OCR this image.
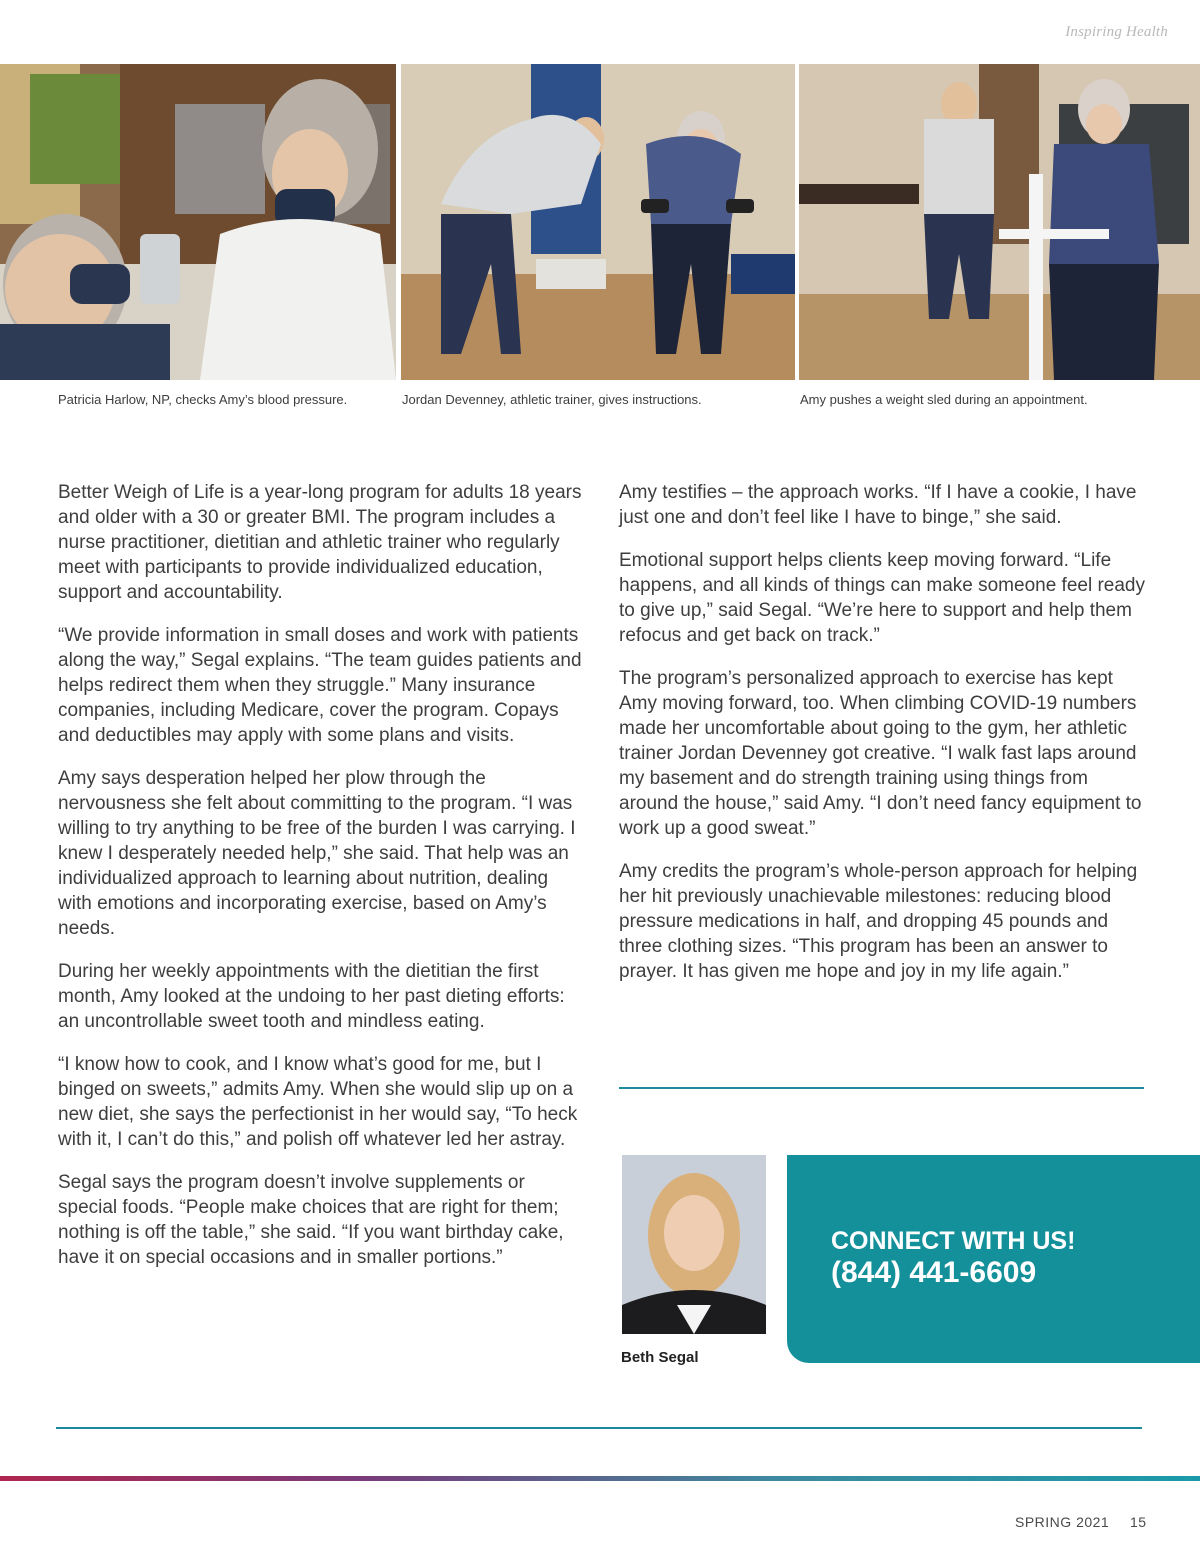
Inspiring Health
Patricia Harlow, NP, checks Amy’s blood pressure.	Jordan Devenney, athletic trainer, gives instructions.	Amy pushes a weight sled during an appointment.

Better Weigh of Life is a year-long program for adults 18 years and older with a 30 or greater BMI. The program includes a nurse practitioner, dietitian and athletic trainer who regularly meet with participants to provide individualized education, support and accountability.

“We provide information in small doses and work with patients along the way,” Segal explains. “The team guides patients and helps redirect them when they struggle.” Many insurance companies, including Medicare, cover the program. Copays and deductibles may apply with some plans and visits.

Amy says desperation helped her plow through the nervousness she felt about committing to the program. “I was willing to try anything to be free of the burden I was carrying. I knew I desperately needed help,” she said. That help was an individualized approach to learning about nutrition, dealing with emotions and incorporating exercise, based on Amy’s needs.

During her weekly appointments with the dietitian the first month, Amy looked at the undoing to her past dieting efforts: an uncontrollable sweet tooth and mindless eating.

“I know how to cook, and I know what’s good for me, but I binged on sweets,” admits Amy. When she would slip up on a new diet, she says the perfectionist in her would say, “To heck with it, I can’t do this,” and polish off whatever led her astray.

Segal says the program doesn’t involve supplements or special foods. “People make choices that are right for them; nothing is off the table,” she said. “If you want birthday cake, have it on special occasions and in smaller portions.”

Amy testifies – the approach works. “If I have a cookie, I have just one and don’t feel like I have to binge,” she said.

Emotional support helps clients keep moving forward. “Life happens, and all kinds of things can make someone feel ready to give up,” said Segal. “We’re here to support and help them refocus and get back on track.”

The program’s personalized approach to exercise has kept Amy moving forward, too. When climbing COVID-19 numbers made her uncomfortable about going to the gym, her athletic trainer Jordan Devenney got creative. “I walk fast laps around my basement and do strength training using things from around the house,” said Amy. “I don’t need fancy equipment to work up a good sweat.”

Amy credits the program’s whole-person approach for helping her hit previously unachievable milestones: reducing blood pressure medications in half, and dropping 45 pounds and three clothing sizes. “This program has been an answer to prayer. It has given me hope and joy in my life again.”

Beth Segal
CONNECT WITH US!
(844) 441-6609
SPRING 2021 15
